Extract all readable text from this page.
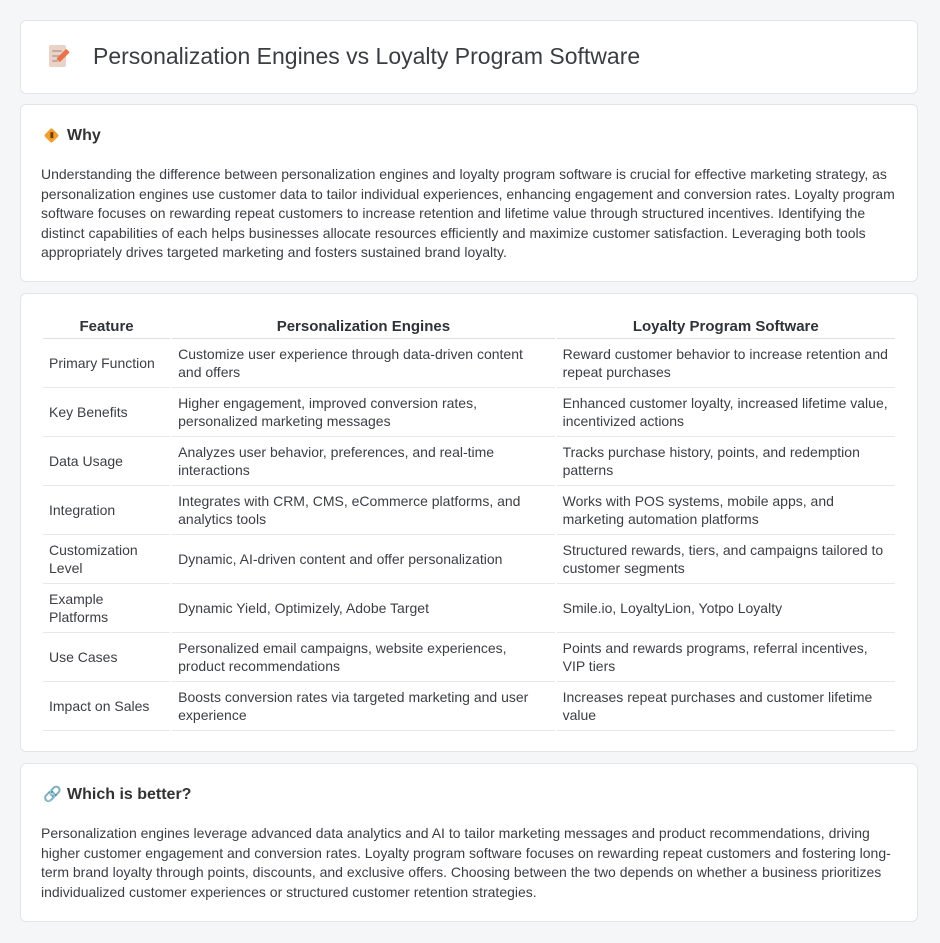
Personalization Engines vs Loyalty Program Software
Why

Understanding the difference between personalization engines and loyalty program software is crucial for effective marketing strategy, as personalization engines use customer data to tailor individual experiences, enhancing engagement and conversion rates. Loyalty program software focuses on rewarding repeat customers to increase retention and lifetime value through structured incentives. Identifying the distinct capabilities of each helps businesses allocate resources efficiently and maximize customer satisfaction. Leveraging both tools appropriately drives targeted marketing and fosters sustained brand loyalty.

Feature	Personalization Engines	Loyalty Program Software
Primary Function	Customize user experience through data-driven content and offers	Reward customer behavior to increase retention and repeat purchases
Key Benefits	Higher engagement, improved conversion rates, personalized marketing messages	Enhanced customer loyalty, increased lifetime value, incentivized actions
Data Usage	Analyzes user behavior, preferences, and real-time interactions	Tracks purchase history, points, and redemption patterns
Integration	Integrates with CRM, CMS, eCommerce platforms, and analytics tools	Works with POS systems, mobile apps, and marketing automation platforms
Customization Level	Dynamic, AI-driven content and offer personalization	Structured rewards, tiers, and campaigns tailored to customer segments
Example Platforms	Dynamic Yield, Optimizely, Adobe Target	Smile.io, LoyaltyLion, Yotpo Loyalty
Use Cases	Personalized email campaigns, website experiences, product recommendations	Points and rewards programs, referral incentives, VIP tiers
Impact on Sales	Boosts conversion rates via targeted marketing and user experience	Increases repeat purchases and customer lifetime value
🔗 Which is better?

Personalization engines leverage advanced data analytics and AI to tailor marketing messages and product recommendations, driving higher customer engagement and conversion rates. Loyalty program software focuses on rewarding repeat customers and fostering long-term brand loyalty through points, discounts, and exclusive offers. Choosing between the two depends on whether a business prioritizes individualized customer experiences or structured customer retention strategies.
